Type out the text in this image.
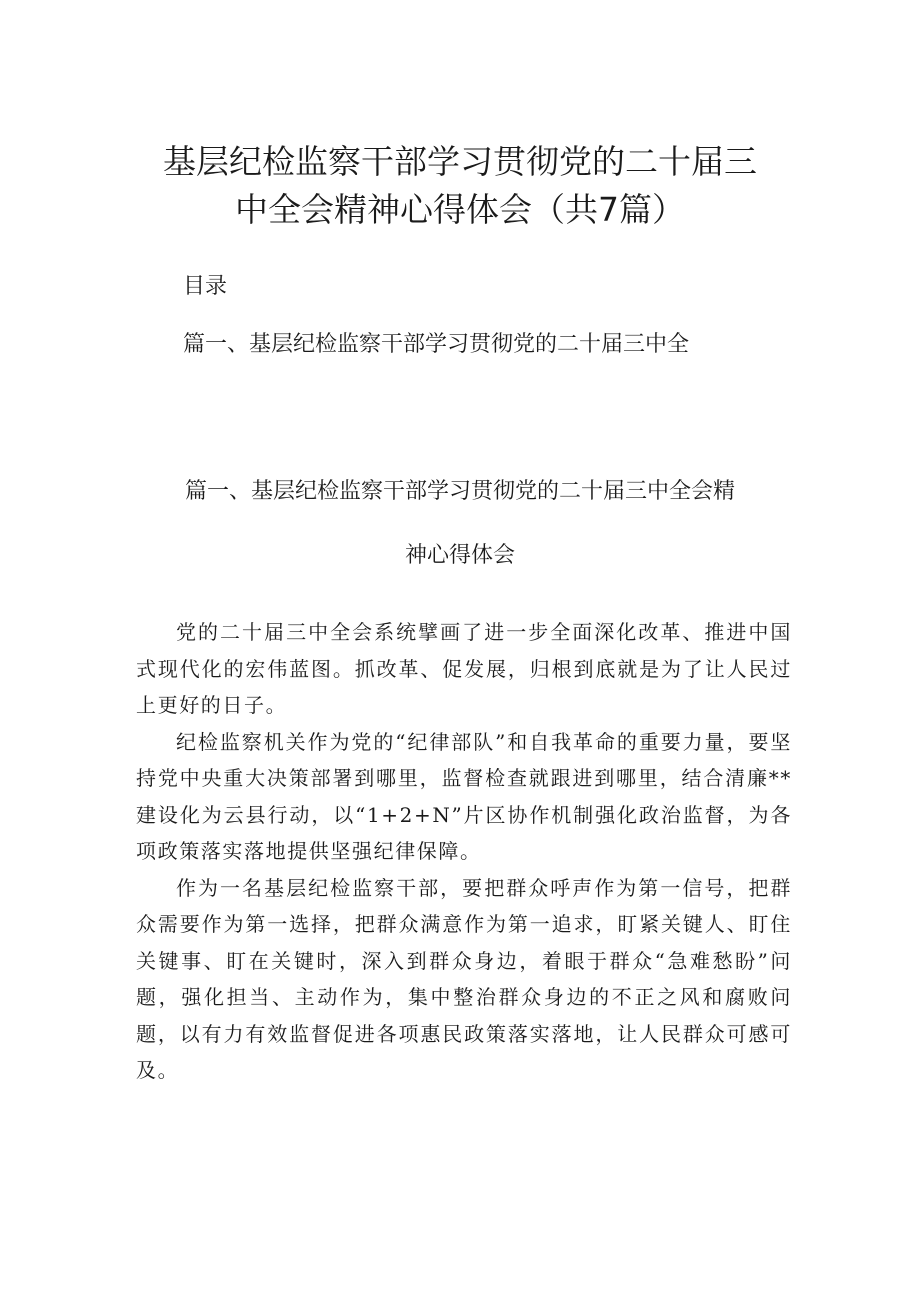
基层纪检监察干部学习贯彻党的二十届三
中全会精神心得体会（共7篇）

目录

篇一、基层纪检监察干部学习贯彻党的二十届三中全

篇一、基层纪检监察干部学习贯彻党的二十届三中全会精
神心得体会

党的二十届三中全会系统擘画了进一步全面深化改革、推进中国式现代化的宏伟蓝图。抓改革、促发展，归根到底就是为了让人民过上更好的日子。

纪检监察机关作为党的“纪律部队”和自我革命的重要力量，要坚持党中央重大决策部署到哪里，监督检查就跟进到哪里，结合清廉**建设化为云县行动，以“1+2+N”片区协作机制强化政治监督，为各项政策落实落地提供坚强纪律保障。

作为一名基层纪检监察干部，要把群众呼声作为第一信号，把群众需要作为第一选择，把群众满意作为第一追求，盯紧关键人、盯住关键事、盯在关键时，深入到群众身边，着眼于群众“急难愁盼”问题，强化担当、主动作为，集中整治群众身边的不正之风和腐败问题，以有力有效监督促进各项惠民政策落实落地，让人民群众可感可及。
